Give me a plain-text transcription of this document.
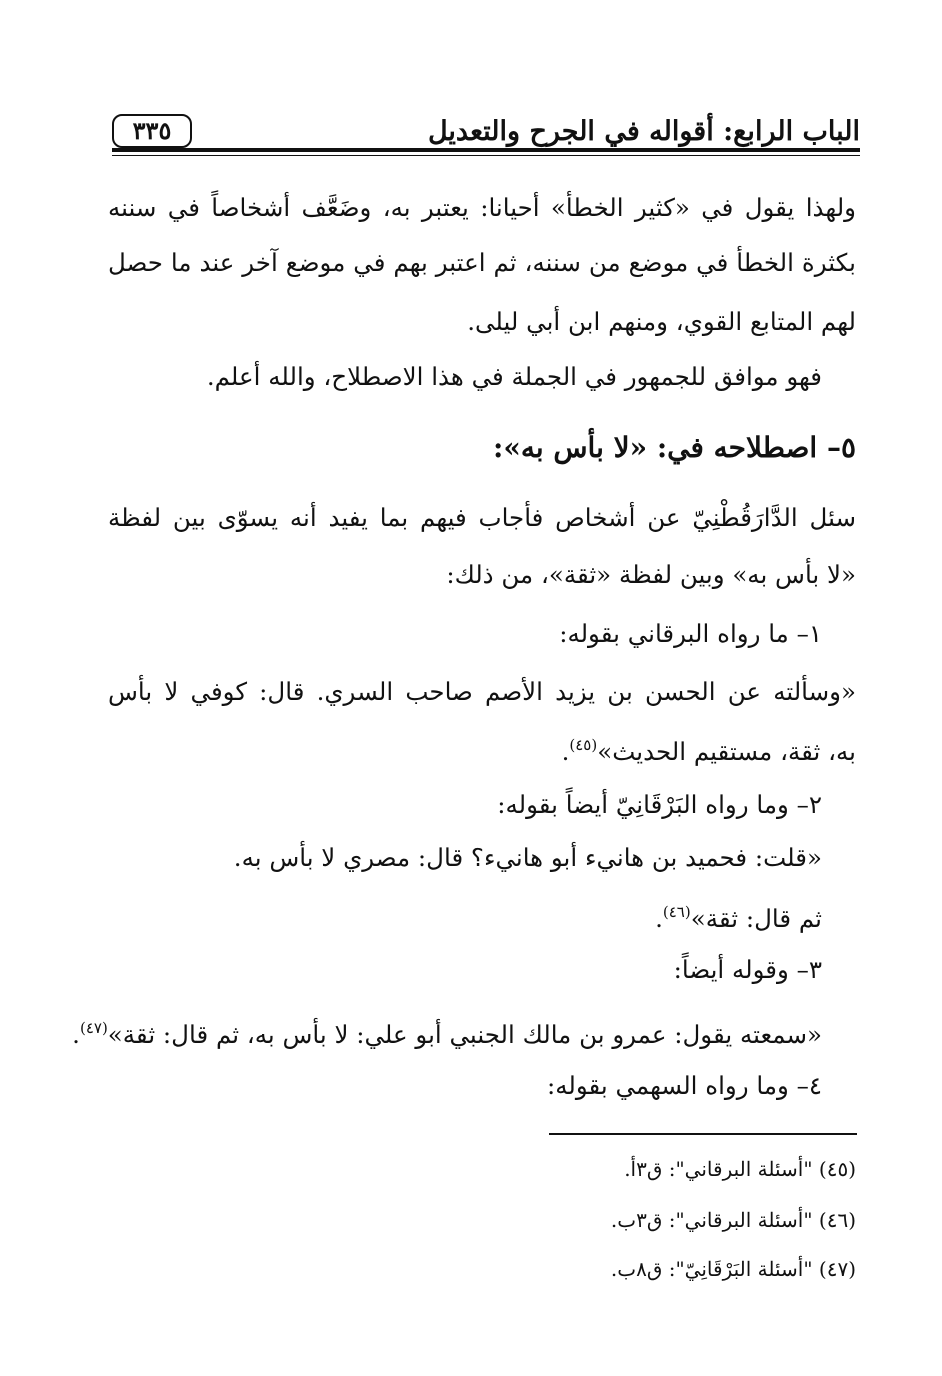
الباب الرابع: أقواله في الجرح والتعديل
٣٣٥
ولهذا يقول في «كثير الخطأ» أحيانا: يعتبر به، وضَعَّف أشخاصاً في سننه
بكثرة الخطأ في موضع من سننه، ثم اعتبر بهم في موضع آخر عند ما حصل
لهم المتابع القوي، ومنهم ابن أبي ليلى.
فهو موافق للجمهور في الجملة في هذا الاصطلاح، والله أعلم.
٥– اصطلاحه في: «لا بأس به»:
سئل الدَّارَقُطْنِيّ عن أشخاص فأجاب فيهم بما يفيد أنه يسوّى بين لفظة
«لا بأس به» وبين لفظة «ثقة»، من ذلك:
١– ما رواه البرقاني بقوله:
«وسألته عن الحسن بن يزيد الأصم صاحب السري. قال: كوفي لا بأس
به، ثقة، مستقيم الحديث»$^{(٤٥)}$.
٢– وما رواه البَرْقَانِيّ أيضاً بقوله:
«قلت: فحميد بن هانيء أبو هانيء؟ قال: مصري لا بأس به.
ثم قال: ثقة»$^{(٤٦)}$.
٣– وقوله أيضاً:
«سمعته يقول: عمرو بن مالك الجنبي أبو علي: لا بأس به، ثم قال: ثقة»$^{(٤٧)}$.
٤– وما رواه السهمي بقوله:
(٤٥) "أسئلة البرقاني": ق٣أ.
(٤٦) "أسئلة البرقاني": ق٣ب.
(٤٧) "أسئلة البَرْقَانِيّ": ق٨ب.
